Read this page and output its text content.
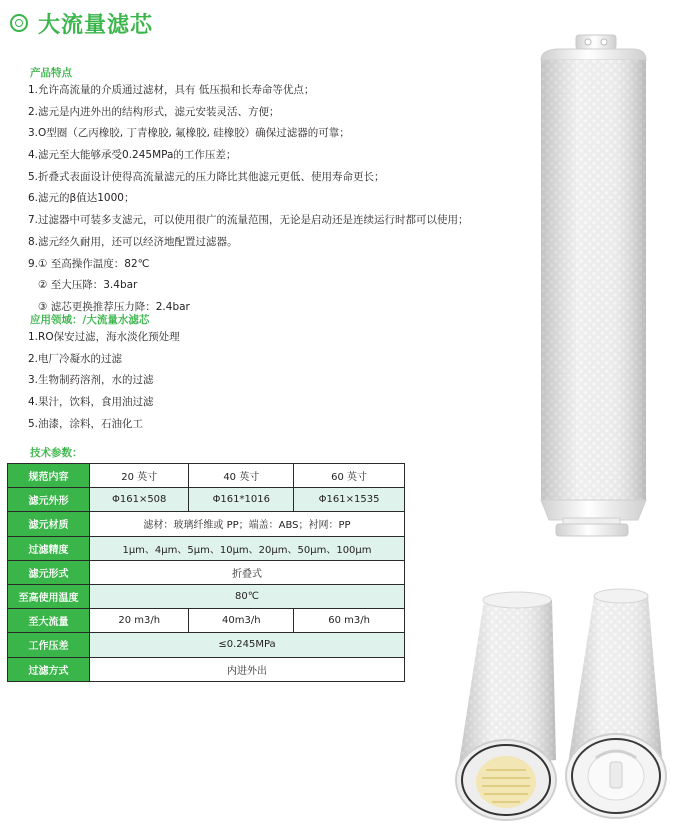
大流量滤芯
产品特点
1.允许高流量的介质通过滤材，具有 低压损和长寿命等优点；
2.滤元是内进外出的结构形式，滤元安装灵活、方便；
3.O型圈（乙丙橡胶, 丁青橡胶, 氟橡胶, 硅橡胶）确保过滤器的可靠；
4.滤元至大能够承受0.245MPa的工作压差；
5.折叠式表面设计使得高流量滤元的压力降比其他滤元更低、使用寿命更长；
6.滤元的β值达1000；
7.过滤器中可装多支滤元，可以使用很广的流量范围，无论是启动还是连续运行时都可以使用；
8.滤元经久耐用，还可以经济地配置过滤器。
9.① 至高操作温度：82℃
② 至大压降：3.4bar
③ 滤芯更换推荐压力降：2.4bar
应用领域：/大流量水滤芯
1.RO保安过滤，海水淡化预处理
2.电厂冷凝水的过滤
3.生物制药溶剂，水的过滤
4.果汁，饮料，食用油过滤
5.油漆，涂料，石油化工
技术参数：
规范内容	20 英寸	40 英寸	60 英寸
滤元外形	Φ161×508	Φ161*1016	Φ161×1535
滤元材质	滤材：玻璃纤维或 PP；端盖：ABS；衬网：PP		
过滤精度	1μm、4μm、5μm、10μm、20μm、50μm、100μm		
滤元形式	折叠式		
至高使用温度	80℃		
至大流量	20 m3/h	40m3/h	60 m3/h
工作压差	≤0.245MPa		
过滤方式	内进外出		
